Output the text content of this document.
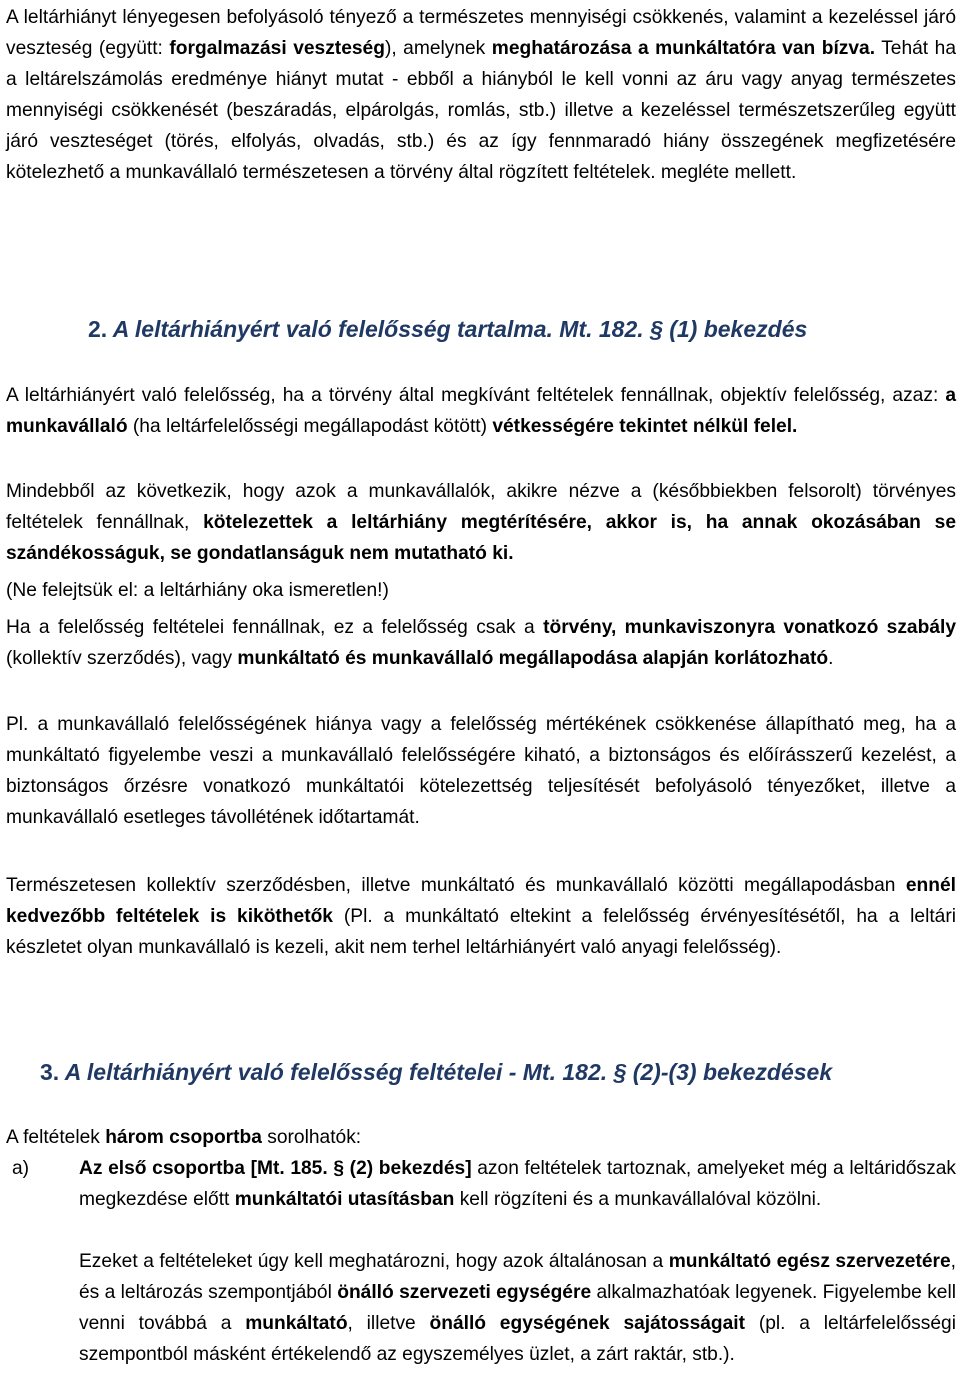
A leltárhiányt lényegesen befolyásoló tényező a természetes mennyiségi csökkenés, valamint a kezeléssel járó veszteség (együtt: forgalmazási veszteség), amelynek meghatározása a munkáltatóra van bízva. Tehát ha a leltárelszámolás eredménye hiányt mutat - ebből a hiányból le kell vonni az áru vagy anyag természetes mennyiségi csökkenését (beszáradás, elpárolgás, romlás, stb.) illetve a kezeléssel természetszerűleg együtt járó veszteséget (törés, elfolyás, olvadás, stb.) és az így fennmaradó hiány összegének megfizetésére kötelezhető a munkavállaló természetesen a törvény által rögzített feltételek. megléte mellett.

2. A leltárhiányért való felelősség tartalma. Mt. 182. § (1) bekezdés

A leltárhiányért való felelősség, ha a törvény által megkívánt feltételek fennállnak, objektív felelősség, azaz: a munkavállaló (ha leltárfelelősségi megállapodást kötött) vétkességére tekintet nélkül felel.

Mindebből az következik, hogy azok a munkavállalók, akikre nézve a (későbbiekben felsorolt) törvényes feltételek fennállnak, kötelezettek a leltárhiány megtérítésére, akkor is, ha annak okozásában se szándékosságuk, se gondatlanságuk nem mutatható ki.

(Ne felejtsük el: a leltárhiány oka ismeretlen!)

Ha a felelősség feltételei fennállnak, ez a felelősség csak a törvény, munkaviszonyra vonatkozó szabály (kollektív szerződés), vagy munkáltató és munkavállaló megállapodása alapján korlátozható.

Pl. a munkavállaló felelősségének hiánya vagy a felelősség mértékének csökkenése állapítható meg, ha a munkáltató figyelembe veszi a munkavállaló felelősségére kiható, a biztonságos és előírásszerű kezelést, a biztonságos őrzésre vonatkozó munkáltatói kötelezettség teljesítését befolyásoló tényezőket, illetve a munkavállaló esetleges távollétének időtartamát.

Természetesen kollektív szerződésben, illetve munkáltató és munkavállaló közötti megállapodásban ennél kedvezőbb feltételek is kiköthetők (Pl. a munkáltató eltekint a felelősség érvényesítésétől, ha a leltári készletet olyan munkavállaló is kezeli, akit nem terhel leltárhiányért való anyagi felelősség).

3. A leltárhiányért való felelősség feltételei - Mt. 182. § (2)-(3) bekezdések

A feltételek három csoportba sorolhatók:

a)	Az első csoportba [Mt. 185. § (2) bekezdés] azon feltételek tartoznak, amelyeket még a leltáridőszak megkezdése előtt munkáltatói utasításban kell rögzíteni és a munkavállalóval közölni.

Ezeket a feltételeket úgy kell meghatározni, hogy azok általánosan a munkáltató egész szervezetére, és a leltározás szempontjából önálló szervezeti egységére alkalmazhatóak legyenek. Figyelembe kell venni továbbá a munkáltató, illetve önálló egységének sajátosságait (pl. a leltárfelelősségi szempontból másként értékelendő az egyszemélyes üzlet, a zárt raktár, stb.).
